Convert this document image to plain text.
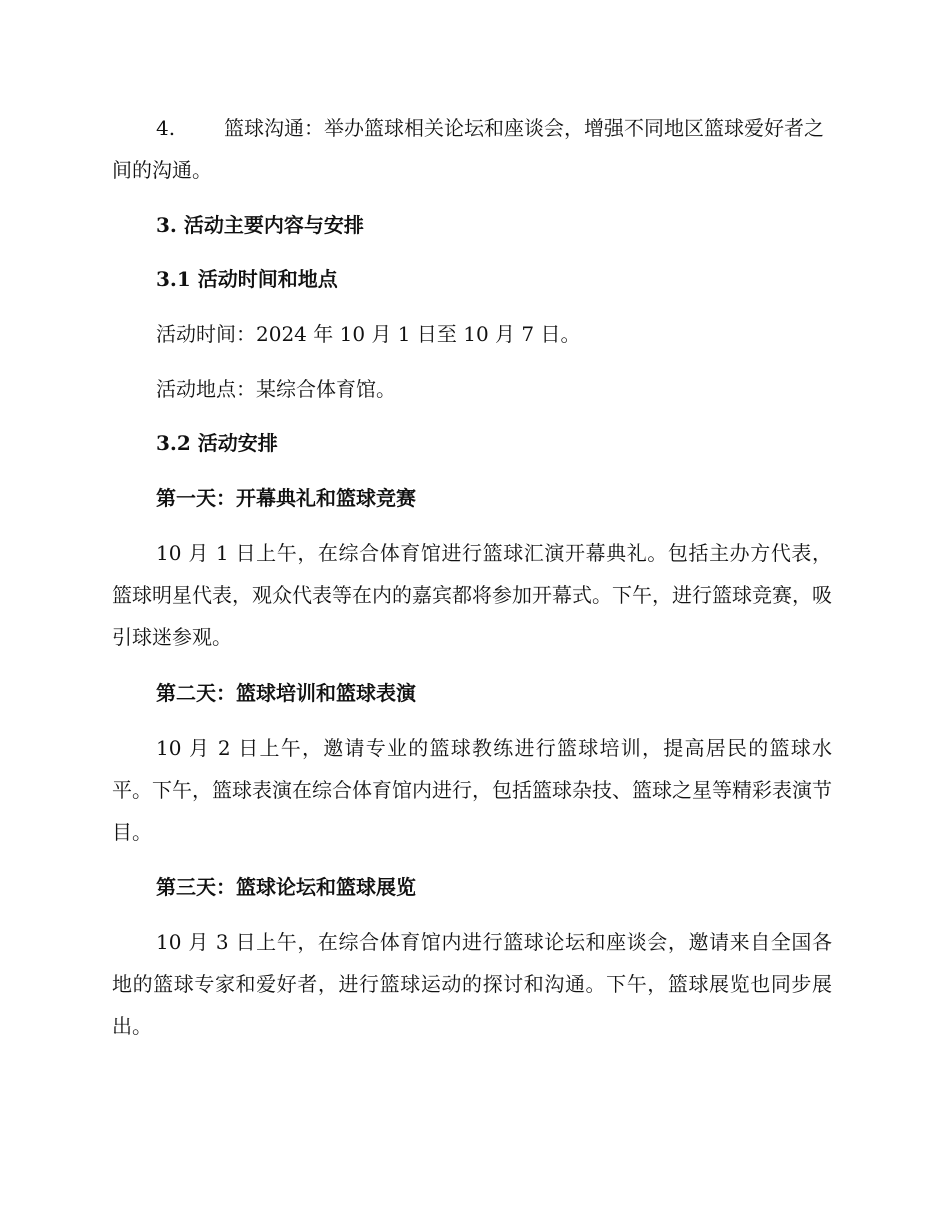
4. 篮球沟通：举办篮球相关论坛和座谈会，增强不同地区篮球爱好者之间的沟通。

3. 活动主要内容与安排

3.1 活动时间和地点

活动时间：2024 年 10 月 1 日至 10 月 7 日。

活动地点：某综合体育馆。

3.2 活动安排

第一天：开幕典礼和篮球竞赛

10 月 1 日上午，在综合体育馆进行篮球汇演开幕典礼。包括主办方代表，篮球明星代表，观众代表等在内的嘉宾都将参加开幕式。下午，进行篮球竞赛，吸引球迷参观。

第二天：篮球培训和篮球表演

10 月 2 日上午，邀请专业的篮球教练进行篮球培训，提高居民的篮球水平。下午，篮球表演在综合体育馆内进行，包括篮球杂技、篮球之星等精彩表演节目。

第三天：篮球论坛和篮球展览

10 月 3 日上午，在综合体育馆内进行篮球论坛和座谈会，邀请来自全国各地的篮球专家和爱好者，进行篮球运动的探讨和沟通。下午，篮球展览也同步展出。
